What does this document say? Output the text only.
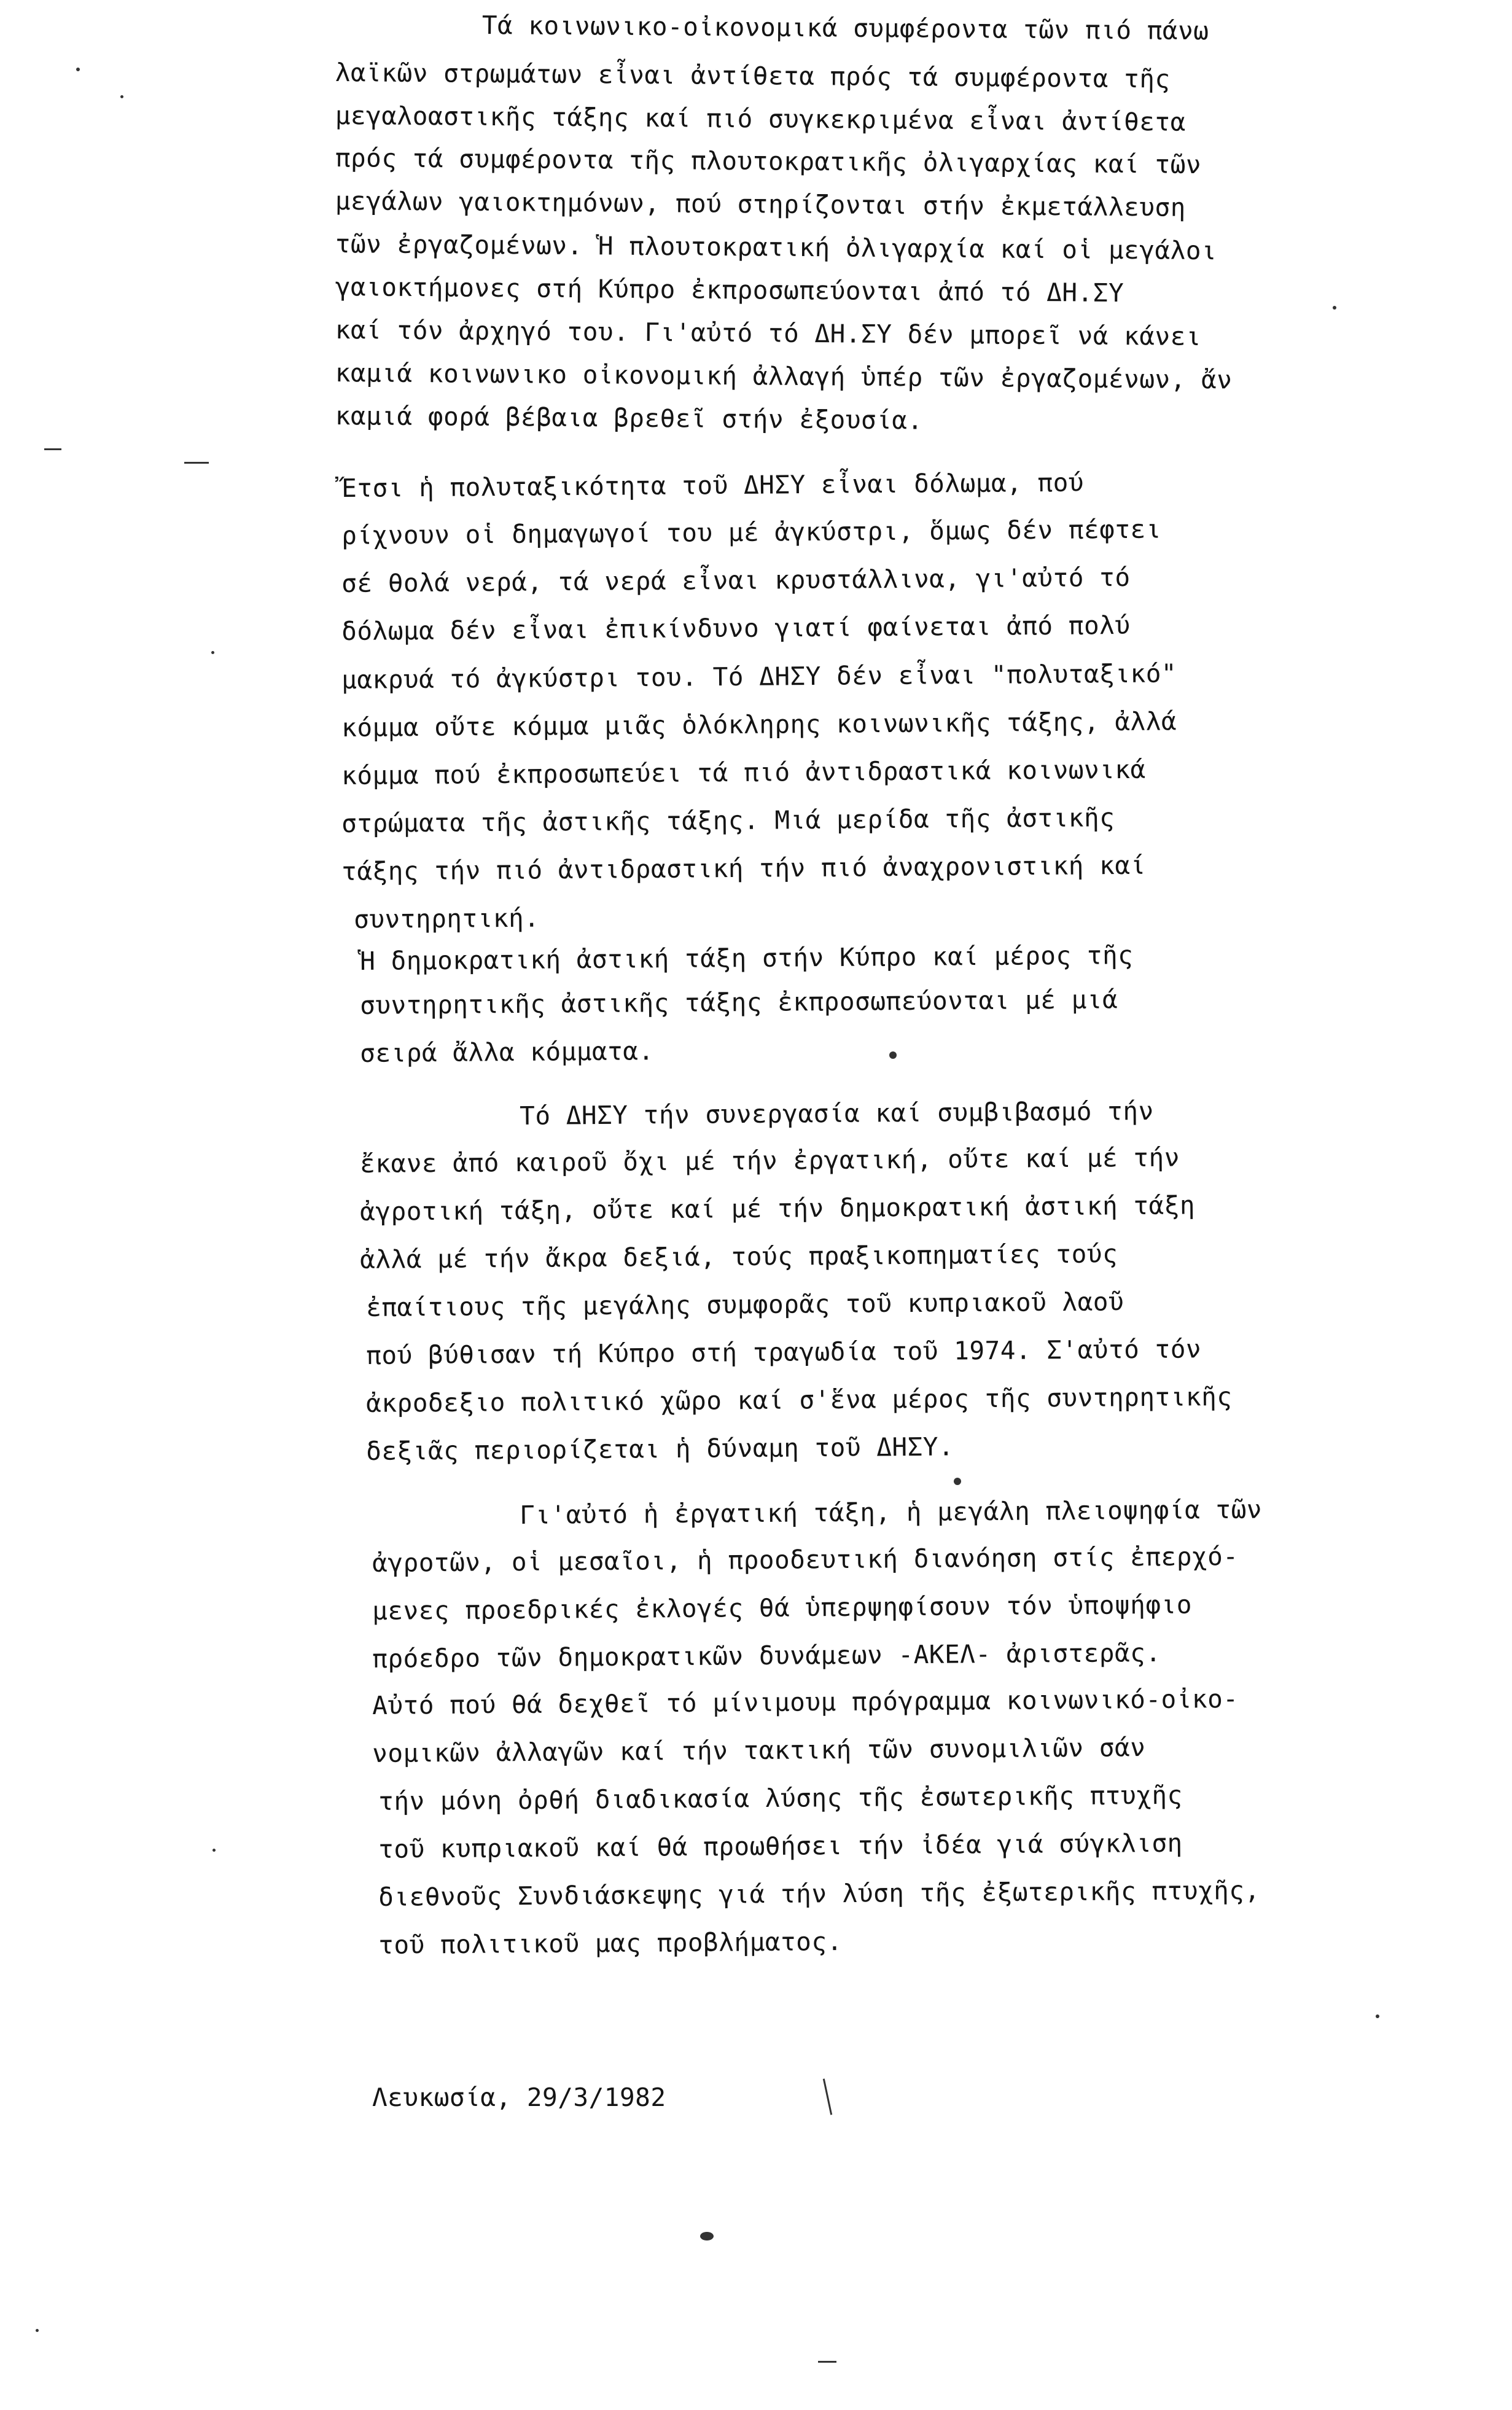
Τά κοινωνικο-οἰκονομικά συμφέροντα τῶν πιό πάνω
λαϊκῶν στρωμάτων εἶναι ἀντίθετα πρός τά συμφέροντα τῆς
μεγαλοαστικῆς τάξης καί πιό συγκεκριμένα εἶναι ἀντίθετα
πρός τά συμφέροντα τῆς πλουτοκρατικῆς ὀλιγαρχίας καί τῶν
μεγάλων γαιοκτημόνων, πού στηρίζονται στήν ἐκμετάλλευση
τῶν ἐργαζομένων. Ἡ πλουτοκρατική ὀλιγαρχία καί οἱ μεγάλοι
γαιοκτήμονες στή Κύπρο ἐκπροσωπεύονται ἀπό τό ΔΗ.ΣΥ
καί τόν ἀρχηγό του. Γι'αὐτό τό ΔΗ.ΣΥ δέν μπορεῖ νά κάνει
καμιά κοινωνικο οἰκονομική ἀλλαγή ὑπέρ τῶν ἐργαζομένων, ἄν
καμιά φορά βέβαια βρεθεῖ στήν ἐξουσία.
Ἔτσι ἡ πολυταξικότητα τοῦ ΔΗΣΥ εἶναι δόλωμα, πού
ρίχνουν οἱ δημαγωγοί του μέ ἀγκύστρι, ὅμως δέν πέφτει
σέ θολά νερά, τά νερά εἶναι κρυστάλλινα, γι'αὐτό τό
δόλωμα δέν εἶναι ἐπικίνδυνο γιατί φαίνεται ἀπό πολύ
μακρυά τό ἀγκύστρι του. Τό ΔΗΣΥ δέν εἶναι "πολυταξικό"
κόμμα οὔτε κόμμα μιᾶς ὁλόκληρης κοινωνικῆς τάξης, ἀλλά
κόμμα πού ἐκπροσωπεύει τά πιό ἀντιδραστικά κοινωνικά
στρώματα τῆς ἀστικῆς τάξης. Μιά μερίδα τῆς ἀστικῆς
τάξης τήν πιό ἀντιδραστική τήν πιό ἀναχρονιστική καί
συντηρητική.
Ἡ δημοκρατική ἀστική τάξη στήν Κύπρο καί μέρος τῆς
συντηρητικῆς ἀστικῆς τάξης ἐκπροσωπεύονται μέ μιά
σειρά ἄλλα κόμματα.
Τό ΔΗΣΥ τήν συνεργασία καί συμβιβασμό τήν
ἔκανε ἀπό καιροῦ ὄχι μέ τήν ἐργατική, οὔτε καί μέ τήν
ἀγροτική τάξη, οὔτε καί μέ τήν δημοκρατική ἀστική τάξη
ἀλλά μέ τήν ἄκρα δεξιά, τούς πραξικοπηματίες τούς
ἐπαίτιους τῆς μεγάλης συμφορᾶς τοῦ κυπριακοῦ λαοῦ
πού βύθισαν τή Κύπρο στή τραγωδία τοῦ 1974. Σ'αὐτό τόν
ἀκροδεξιο πολιτικό χῶρο καί σ'ἕνα μέρος τῆς συντηρητικῆς
δεξιᾶς περιορίζεται ἡ δύναμη τοῦ ΔΗΣΥ.
Γι'αὐτό ἡ ἐργατική τάξη, ἡ μεγάλη πλειοψηφία τῶν
ἀγροτῶν, οἱ μεσαῖοι, ἡ προοδευτική διανόηση στίς ἐπερχό-
μενες προεδρικές ἐκλογές θά ὑπερψηφίσουν τόν ὑποψήφιο
πρόεδρο τῶν δημοκρατικῶν δυνάμεων -ΑΚΕΛ- ἀριστερᾶς.
Αὐτό πού θά δεχθεῖ τό μίνιμουμ πρόγραμμα κοινωνικό-οἰκο-
νομικῶν ἀλλαγῶν καί τήν τακτική τῶν συνομιλιῶν σάν
τήν μόνη ὀρθή διαδικασία λύσης τῆς ἐσωτερικῆς πτυχῆς
τοῦ κυπριακοῦ καί θά προωθήσει τήν ἰδέα γιά σύγκλιση
διεθνοῦς Συνδιάσκεψης γιά τήν λύση τῆς ἐξωτερικῆς πτυχῆς,
τοῦ πολιτικοῦ μας προβλήματος.
Λευκωσία, 29/3/1982
